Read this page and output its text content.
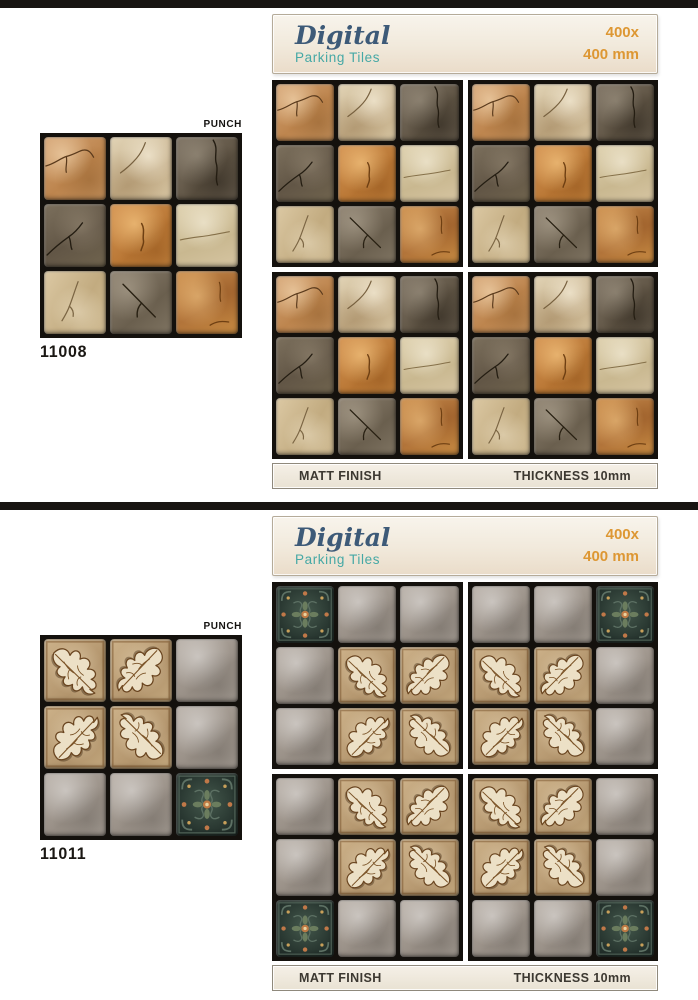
PUNCH
11008
Digital
Parking Tiles
400x
400 mm
MATT FINISH	THICKNESS 10mm
PUNCH
11011
Digital
Parking Tiles
400x
400 mm
MATT FINISH	THICKNESS 10mm
